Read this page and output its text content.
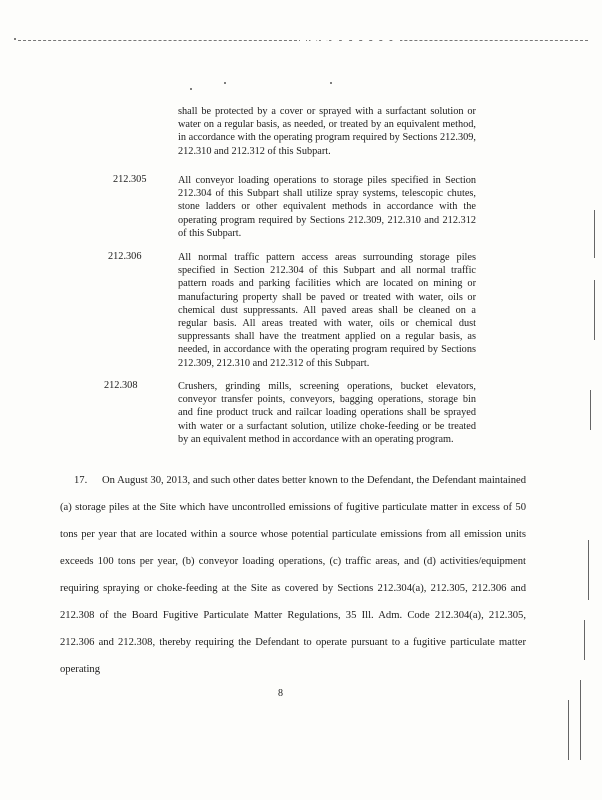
shall be protected by a cover or sprayed with a surfactant solution or water on a regular basis, as needed, or treated by an equivalent method, in accordance with the operating program required by Sections 212.309, 212.310 and 212.312 of this Subpart.
212.305	All conveyor loading operations to storage piles specified in Section 212.304 of this Subpart shall utilize spray systems, telescopic chutes, stone ladders or other equivalent methods in accordance with the operating program required by Sections 212.309, 212.310 and 212.312 of this Subpart.
212.306	All normal traffic pattern access areas surrounding storage piles specified in Section 212.304 of this Subpart and all normal traffic pattern roads and parking facilities which are located on mining or manufacturing property shall be paved or treated with water, oils or chemical dust suppressants. All paved areas shall be cleaned on a regular basis. All areas treated with water, oils or chemical dust suppressants shall have the treatment applied on a regular basis, as needed, in accordance with the operating program required by Sections 212.309, 212.310 and 212.312 of this Subpart.
212.308	Crushers, grinding mills, screening operations, bucket elevators, conveyor transfer points, conveyors, bagging operations, storage bin and fine product truck and railcar loading operations shall be sprayed with water or a surfactant solution, utilize choke-feeding or be treated by an equivalent method in accordance with an operating program.
17. On August 30, 2013, and such other dates better known to the Defendant, the Defendant maintained (a) storage piles at the Site which have uncontrolled emissions of fugitive particulate matter in excess of 50 tons per year that are located within a source whose potential particulate emissions from all emission units exceeds 100 tons per year, (b) conveyor loading operations, (c) traffic areas, and (d) activities/equipment requiring spraying or choke-feeding at the Site as covered by Sections 212.304(a), 212.305, 212.306 and 212.308 of the Board Fugitive Particulate Matter Regulations, 35 Ill. Adm. Code 212.304(a), 212.305, 212.306 and 212.308, thereby requiring the Defendant to operate pursuant to a fugitive particulate matter operating
8
